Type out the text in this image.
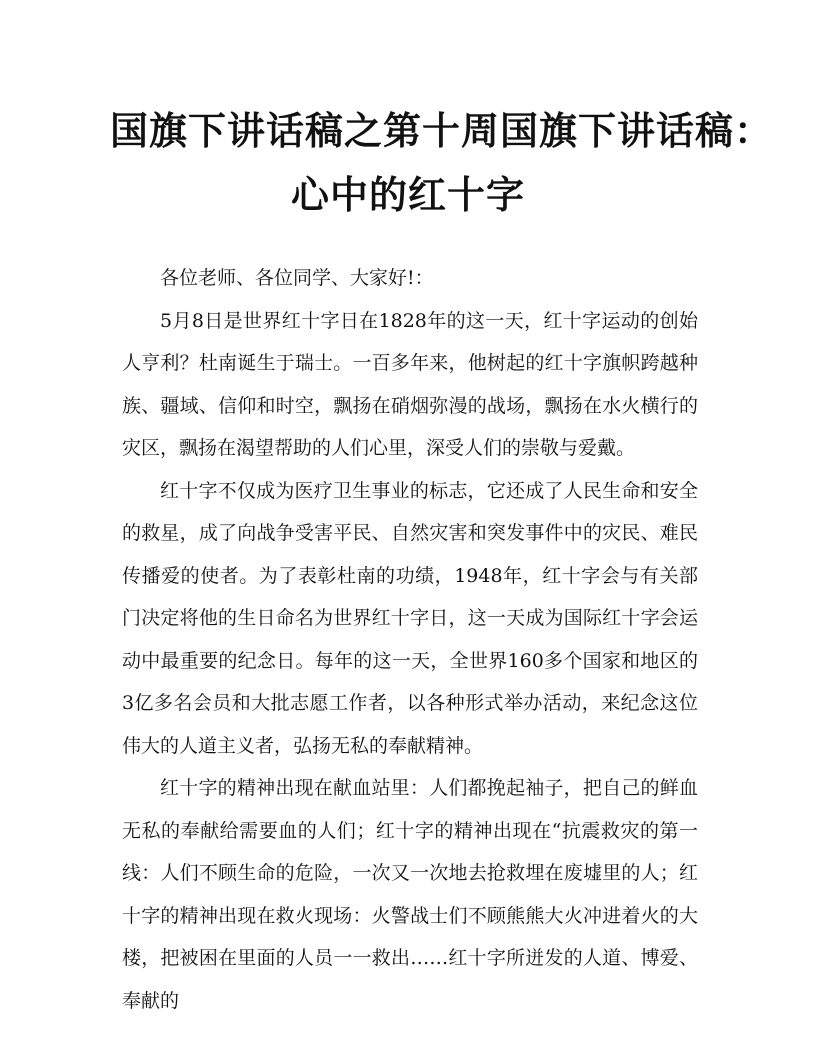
国旗下讲话稿之第十周国旗下讲话稿：
心中的红十字

各位老师、各位同学、大家好!：

5月8日是世界红十字日在1828年的这一天，红十字运动的创始人亨利？杜南诞生于瑞士。一百多年来，他树起的红十字旗帜跨越种族、疆域、信仰和时空，飘扬在硝烟弥漫的战场，飘扬在水火横行的灾区，飘扬在渴望帮助的人们心里，深受人们的崇敬与爱戴。

红十字不仅成为医疗卫生事业的标志，它还成了人民生命和安全的救星，成了向战争受害平民、自然灾害和突发事件中的灾民、难民传播爱的使者。为了表彰杜南的功绩，1948年，红十字会与有关部门决定将他的生日命名为世界红十字日，这一天成为国际红十字会运动中最重要的纪念日。每年的这一天，全世界160多个国家和地区的3亿多名会员和大批志愿工作者，以各种形式举办活动，来纪念这位伟大的人道主义者，弘扬无私的奉献精神。

红十字的精神出现在献血站里：人们都挽起袖子，把自己的鲜血无私的奉献给需要血的人们；红十字的精神出现在“抗震救灾的第一线：人们不顾生命的危险，一次又一次地去抢救埋在废墟里的人；红十字的精神出现在救火现场：火警战士们不顾熊熊大火冲进着火的大楼，把被困在里面的人员一一救出……红十字所迸发的人道、博爱、奉献的
